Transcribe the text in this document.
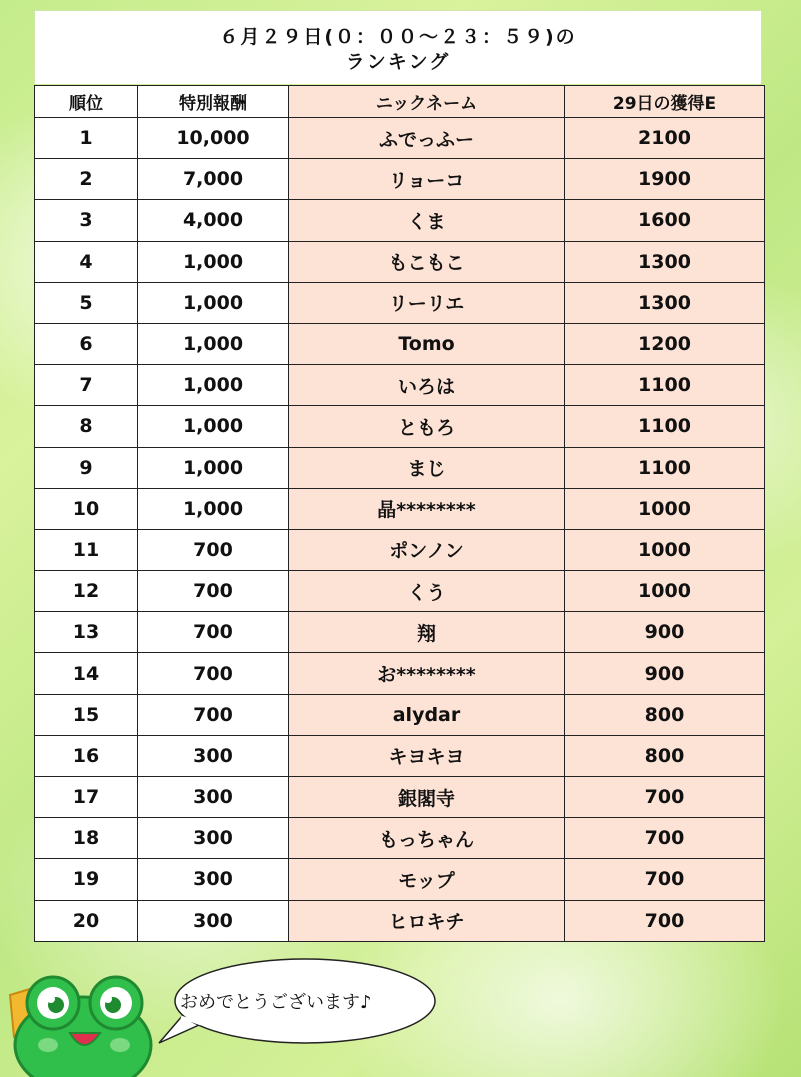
６月２９日(０：００～２３：５９)の
ランキング
順位	特別報酬	ニックネーム	29日の獲得E
1	10,000	ふでっふー	2100
2	7,000	リョーコ	1900
3	4,000	くま	1600
4	1,000	もこもこ	1300
5	1,000	リーリエ	1300
6	1,000	Tomo	1200
7	1,000	いろは	1100
8	1,000	ともろ	1100
9	1,000	まじ	1100
10	1,000	晶********	1000
11	700	ポンノン	1000
12	700	くう	1000
13	700	翔	900
14	700	お********	900
15	700	alydar	800
16	300	キヨキヨ	800
17	300	銀閣寺	700
18	300	もっちゃん	700
19	300	モップ	700
20	300	ヒロキチ	700
おめでとうございます♪
